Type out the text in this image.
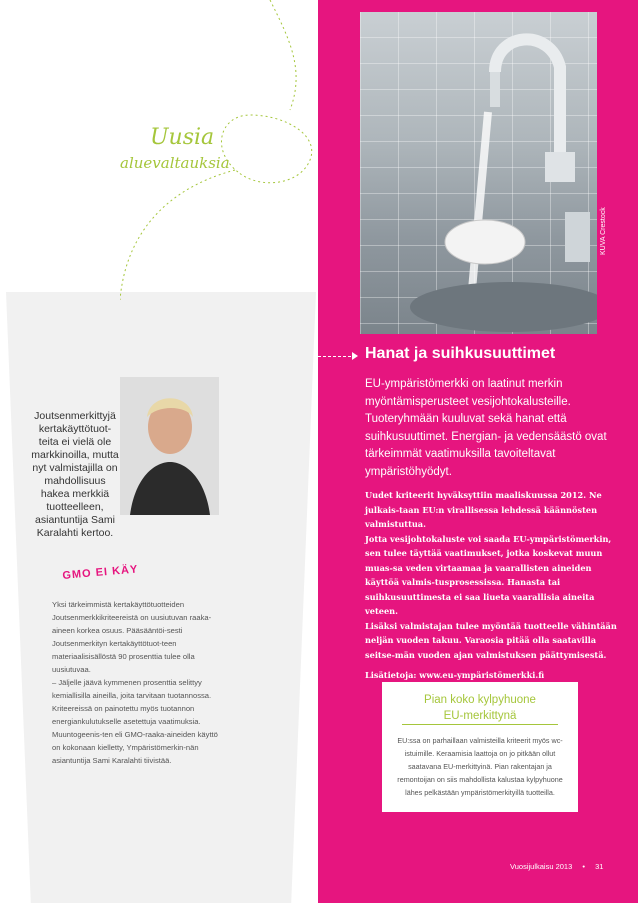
Uusia
aluevaltauksia
KUVA Crestock
Joutsenmerkittyjä kertakäyttötuot-teita ei vielä ole markkinoilla, mutta nyt valmistajilla on mahdollisuus hakea merkkiä tuotteelleen, asiantuntija Sami Karalahti kertoo.
GMO EI KÄY

Yksi tärkeimmistä kertakäyttötuotteiden Joutsenmerkkikriteereistä on uusiutuvan raaka-aineen korkea osuus. Pääsääntöi-sesti Joutsenmerkityn kertakäyttötuot-teen materiaalisisällöstä 90 prosenttia tulee olla uusiutuvaa.

– Jäljelle jäävä kymmenen prosenttia selittyy kemiallisilla aineilla, joita tarvitaan tuotannossa. Kriteereissä on painotettu myös tuotannon energiankulutukselle asetettuja vaatimuksia. Muuntogeenis-ten eli GMO-raaka-aineiden käyttö on kokonaan kielletty, Ympäristömerkin-nän asiantuntija Sami Karalahti tiivistää.

Hanat ja suihkusuuttimet
EU-ympäristömerkki on laatinut merkin myöntämisperusteet vesijohtokalusteille. Tuoteryhmään kuuluvat sekä hanat että suihkusuuttimet. Energian- ja vedensäästö ovat tärkeimmät vaatimuksilla tavoiteltavat ympäristöhyödyt.

Uudet kriteerit hyväksyttiin maaliskuussa 2012. Ne julkais-taan EU:n virallisessa lehdessä käännösten valmistuttua.

Jotta vesijohtokaluste voi saada EU-ympäristömerkin, sen tulee täyttää vaatimukset, jotka koskevat muun muas-sa veden virtaamaa ja vaarallisten aineiden käyttöä valmis-tusprosessissa. Hanasta tai suihkusuuttimesta ei saa liueta vaarallisia aineita veteen.

Lisäksi valmistajan tulee myöntää tuotteelle vähintään neljän vuoden takuu. Varaosia pitää olla saatavilla seitse-män vuoden ajan valmistuksen päättymisestä.

Lisätietoja: www.eu-ympäristömerkki.fi

Pian koko kylpyhuone
EU-merkittynä
EU:ssa on parhaillaan valmisteilla kriteerit myös wc-istuimille. Keraamisia laattoja on jo pitkään ollut saatavana EU-merkittyinä. Pian rakentajan ja remontoijan on siis mahdollista kalustaa kylpyhuone lähes pelkästään ympäristömerkityillä tuotteilla.
Vuosijulkaisu 2013 • 31
